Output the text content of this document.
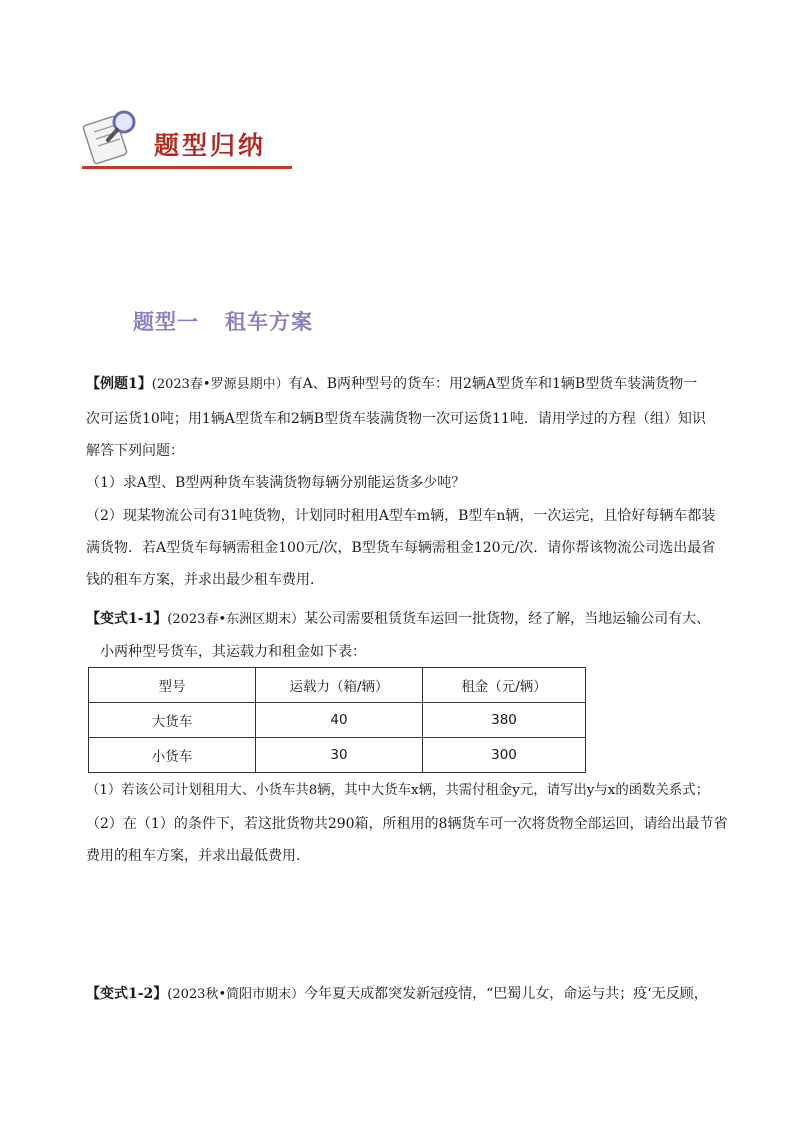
题型归纳
题型一 租车方案
【例题1】(2023春•罗源县期中）有A、B两种型号的货车：用2辆A型货车和1辆B型货车装满货物一
次可运货10吨；用1辆A型货车和2辆B型货车装满货物一次可运货11吨．请用学过的方程（组）知识
解答下列问题：
（1）求A型、B型两种货车装满货物每辆分别能运货多少吨？
（2）现某物流公司有31吨货物，计划同时租用A型车m辆，B型车n辆，一次运完，且恰好每辆车都装
满货物．若A型货车每辆需租金100元/次，B型货车每辆需租金120元/次．请你帮该物流公司选出最省
钱的租车方案，并求出最少租车费用．
【变式1-1】(2023春•东洲区期末）某公司需要租赁货车运回一批货物，经了解，当地运输公司有大、
小两种型号货车，其运载力和租金如下表：
型号	运载力（箱/辆）	租金（元/辆）
大货车	40	380
小货车	30	300
（1）若该公司计划租用大、小货车共8辆，其中大货车x辆，共需付租金y元，请写出y与x的函数关系式；
（2）在（1）的条件下，若这批货物共290箱，所租用的8辆货车可一次将货物全部运回，请给出最节省
费用的租车方案，并求出最低费用．
【变式1-2】(2023秋•简阳市期末）今年夏天成都突发新冠疫情，“巴蜀儿女，命运与共；疫‘无反顾，
